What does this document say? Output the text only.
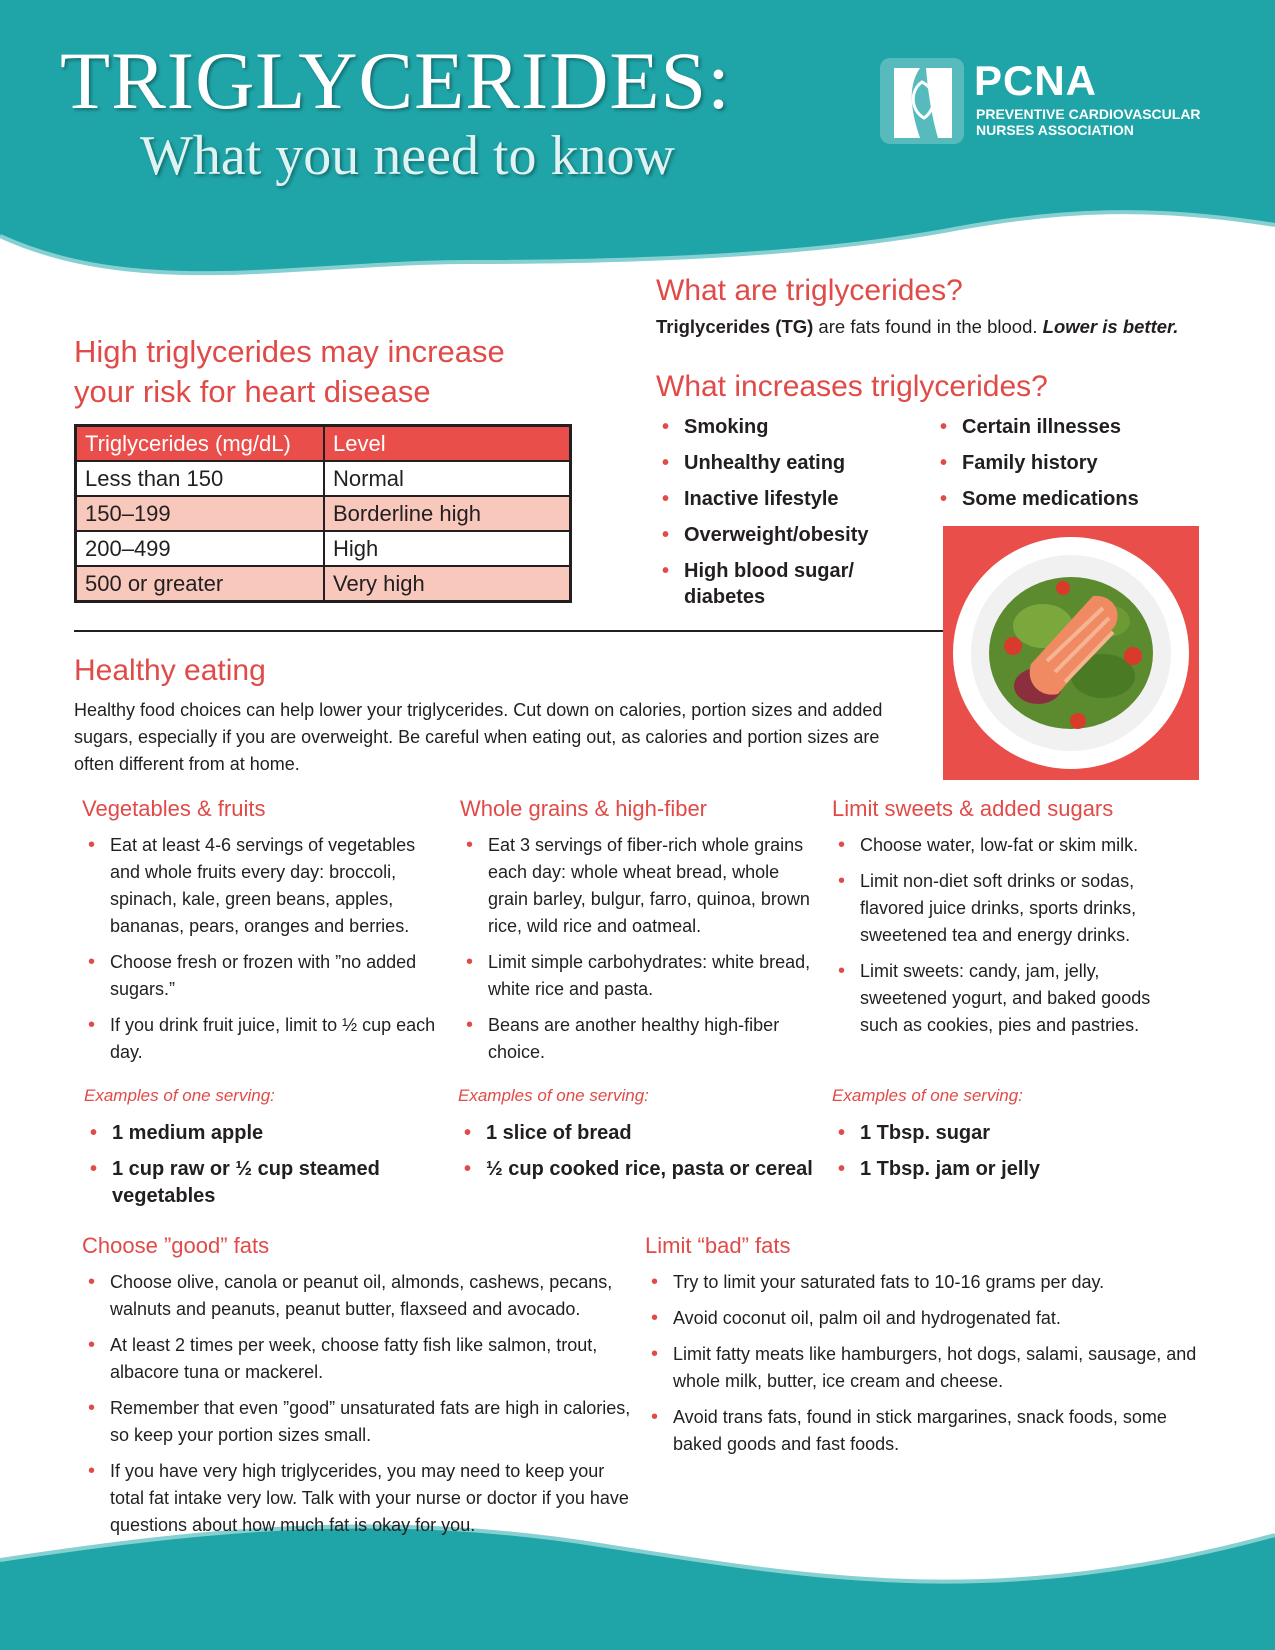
TRIGLYCERIDES:
What you need to know
PCNA
PREVENTIVE CARDIOVASCULAR
NURSES ASSOCIATION
What are triglycerides?
Triglycerides (TG) are fats found in the blood. Lower is better.
What increases triglycerides?
• Smoking
• Unhealthy eating
• Inactive lifestyle
• Overweight/obesity
• High blood sugar/ diabetes
• Certain illnesses
• Family history
• Some medications
High triglycerides may increase
your risk for heart disease
Triglycerides (mg/dL)	Level
Less than 150	Normal
150–199	Borderline high
200–499	High
500 or greater	Very high
Healthy eating
Healthy food choices can help lower your triglycerides. Cut down on calories, portion sizes and added sugars, especially if you are overweight. Be careful when eating out, as calories and portion sizes are often different from at home.
Vegetables & fruits
• Eat at least 4-6 servings of vegetables and whole fruits every day: broccoli, spinach, kale, green beans, apples, bananas, pears, oranges and berries.
• Choose fresh or frozen with ”no added sugars.”
• If you drink fruit juice, limit to ½ cup each day.
Whole grains & high-fiber
• Eat 3 servings of fiber-rich whole grains each day: whole wheat bread, whole grain barley, bulgur, farro, quinoa, brown rice, wild rice and oatmeal.
• Limit simple carbohydrates: white bread, white rice and pasta.
• Beans are another healthy high-fiber choice.
Limit sweets & added sugars
• Choose water, low-fat or skim milk.
• Limit non-diet soft drinks or sodas, flavored juice drinks, sports drinks, sweetened tea and energy drinks.
• Limit sweets: candy, jam, jelly, sweetened yogurt, and baked goods such as cookies, pies and pastries.
Examples of one serving:
• 1 medium apple
• 1 cup raw or ½ cup steamed vegetables
Examples of one serving:
• 1 slice of bread
• ½ cup cooked rice, pasta or cereal
Examples of one serving:
• 1 Tbsp. sugar
• 1 Tbsp. jam or jelly
Choose ”good” fats
• Choose olive, canola or peanut oil, almonds, cashews, pecans, walnuts and peanuts, peanut butter, flaxseed and avocado.
• At least 2 times per week, choose fatty fish like salmon, trout, albacore tuna or mackerel.
• Remember that even ”good” unsaturated fats are high in calories, so keep your portion sizes small.
• If you have very high triglycerides, you may need to keep your total fat intake very low. Talk with your nurse or doctor if you have questions about how much fat is okay for you.
Limit “bad” fats
• Try to limit your saturated fats to 10-16 grams per day.
• Avoid coconut oil, palm oil and hydrogenated fat.
• Limit fatty meats like hamburgers, hot dogs, salami, sausage, and whole milk, butter, ice cream and cheese.
• Avoid trans fats, found in stick margarines, snack foods, some baked goods and fast foods.
